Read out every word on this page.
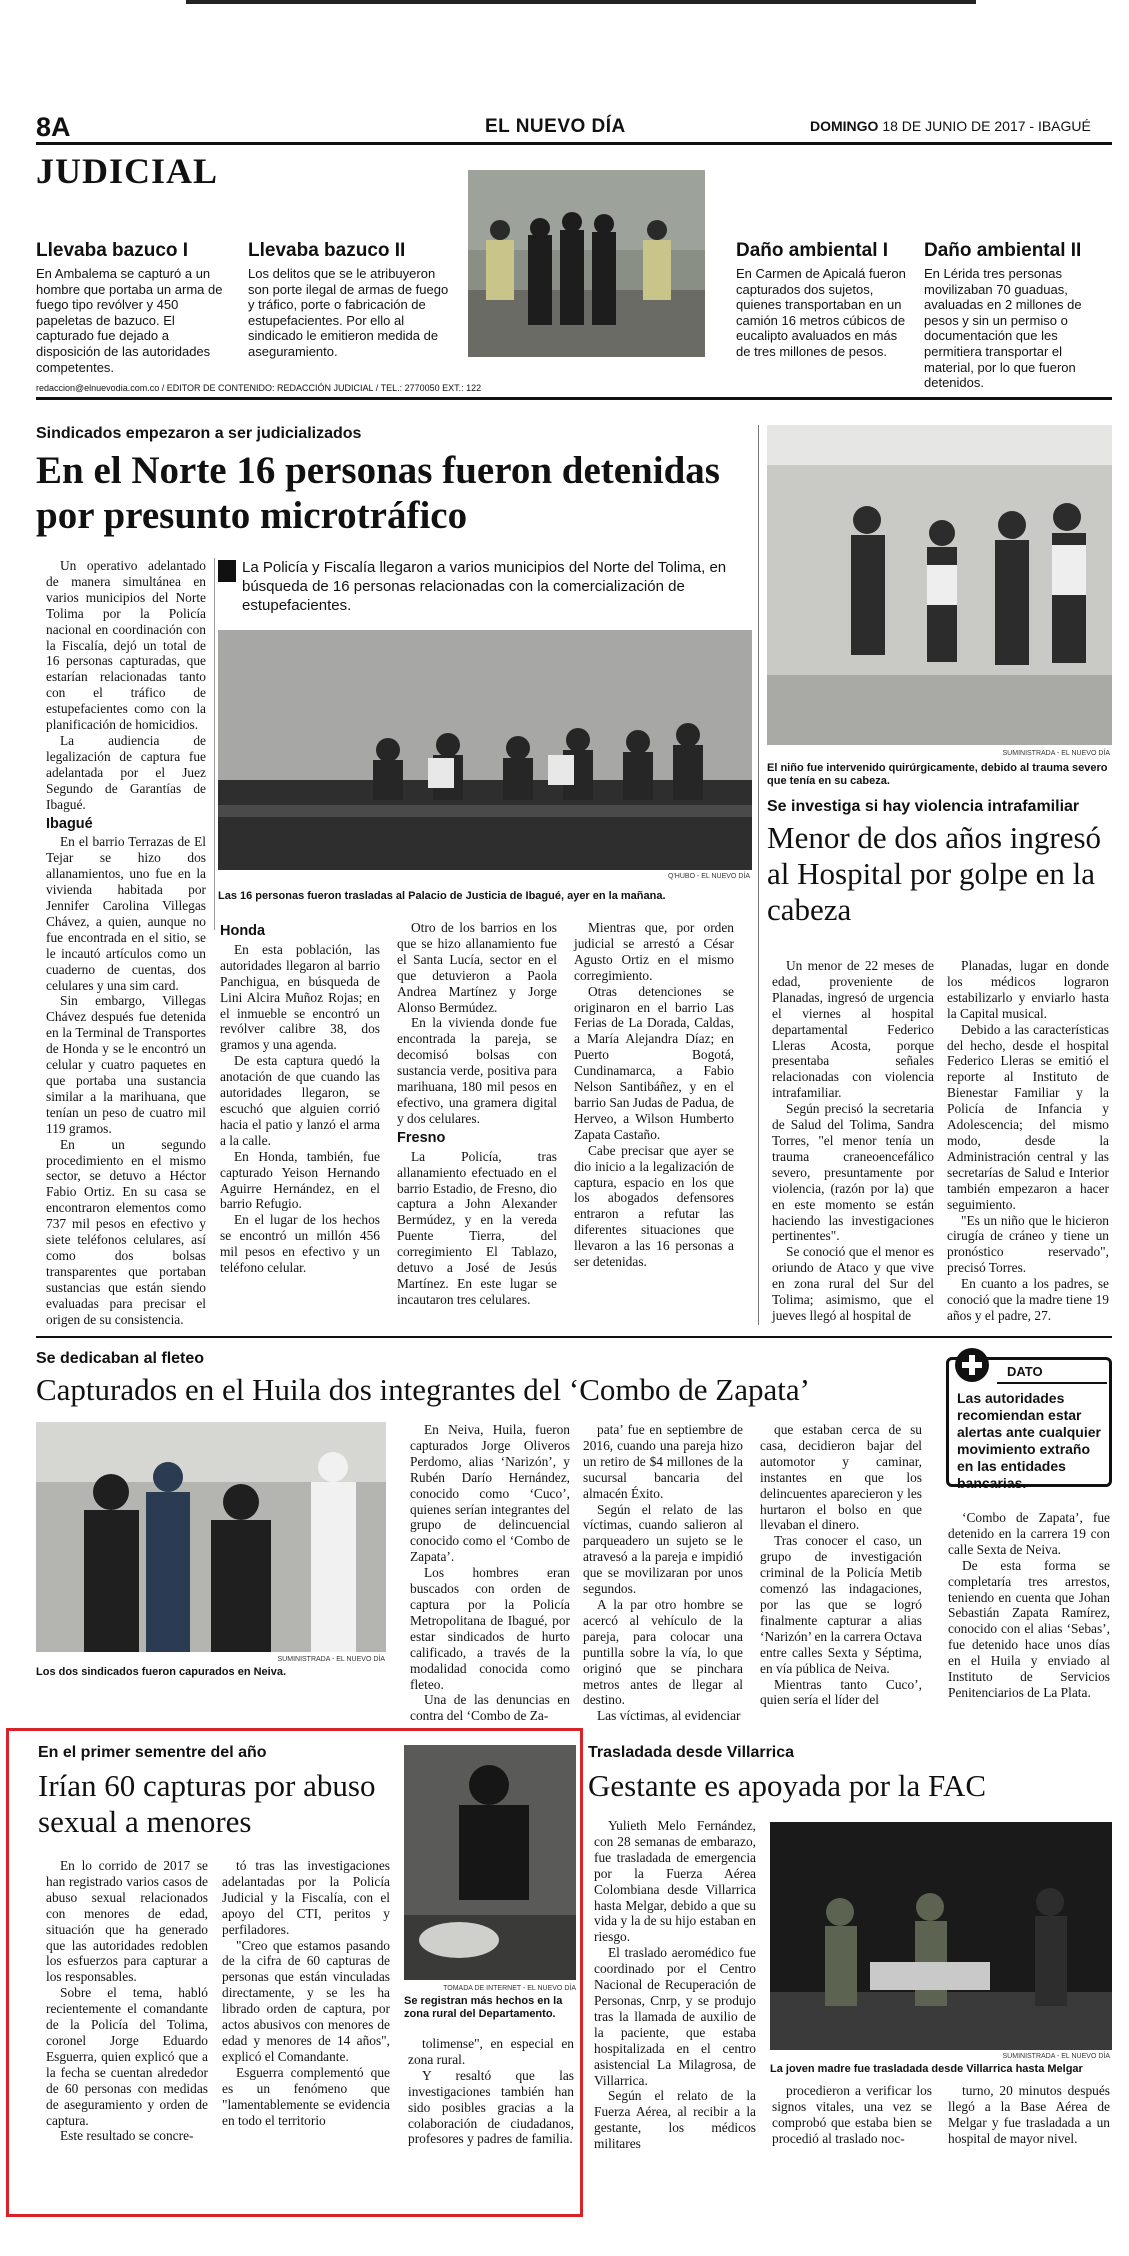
8A	EL NUEVO DÍA	DOMINGO 18 DE JUNIO DE 2017 - IBAGUÉ
JUDICIAL
Llevaba bazuco I
En Ambalema se capturó a un hombre que portaba un arma de fuego tipo revólver y 450 papeletas de bazuco. El capturado fue dejado a disposición de las autoridades competentes.
Llevaba bazuco II
Los delitos que se le atribuyeron son porte ilegal de armas de fuego y tráfico, porte o fabricación de estupefacientes. Por ello al sindicado le emitieron medida de aseguramiento.
Daño ambiental I
En Carmen de Apicalá fueron capturados dos sujetos, quienes transportaban en un camión 16 metros cúbicos de eucalipto avaluados en más de tres millones de pesos.
Daño ambiental II
En Lérida tres personas movilizaban 70 guaduas, avaluadas en 2 millones de pesos y sin un permiso o documentación que les permitiera transportar el material, por lo que fueron detenidos.
redaccion@elnuevodia.com.co / EDITOR DE CONTENIDO: REDACCIÓN JUDICIAL / TEL.: 2770050 EXT.: 122
Sindicados empezaron a ser judicializados
En el Norte 16 personas fueron detenidas por presunto microtráfico

Un operativo adelantado de manera simultánea en varios municipios del Norte Tolima por la Policía nacional en coordinación con la Fiscalía, dejó un total de 16 personas capturadas, que estarían relacionadas tanto con el tráfico de estupefacientes como con la planificación de homicidios.

La audiencia de legalización de captura fue adelantada por el Juez Segundo de Garantías de Ibagué.

Ibagué

En el barrio Terrazas de El Tejar se hizo dos allanamientos, uno fue en la vivienda habitada por Jennifer Carolina Villegas Chávez, a quien, aunque no fue encontrada en el sitio, se le incautó artículos como un cuaderno de cuentas, dos celulares y una sim card.

Sin embargo, Villegas Chávez después fue detenida en la Terminal de Transportes de Honda y se le encontró un celular y cuatro paquetes en que portaba una sustancia similar a la marihuana, que tenían un peso de cuatro mil 119 gramos.

En un segundo procedimiento en el mismo sector, se detuvo a Héctor Fabio Ortiz. En su casa se encontraron elementos como 737 mil pesos en efectivo y siete teléfonos celulares, así como dos bolsas transparentes que portaban sustancias que están siendo evaluadas para precisar el origen de su consistencia.

La Policía y Fiscalía llegaron a varios municipios del Norte del Tolima, en búsqueda de 16 personas relacionadas con la comercialización de estupefacientes.
Q'HUBO - EL NUEVO DÍA
Las 16 personas fueron trasladas al Palacio de Justicia de Ibagué, ayer en la mañana.
Honda

En esta población, las autoridades llegaron al barrio Panchigua, en búsqueda de Lini Alcira Muñoz Rojas; en el inmueble se encontró un revólver calibre 38, dos gramos y una agenda.

De esta captura quedó la anotación de que cuando las autoridades llegaron, se escuchó que alguien corrió hacia el patio y lanzó el arma a la calle.

En Honda, también, fue capturado Yeison Hernando Aguirre Hernández, en el barrio Refugio.

En el lugar de los hechos se encontró un millón 456 mil pesos en efectivo y un teléfono celular.

Otro de los barrios en los que se hizo allanamiento fue el Santa Lucía, sector en el que detuvieron a Paola Andrea Martínez y Jorge Alonso Bermúdez.

En la vivienda donde fue encontrada la pareja, se decomisó bolsas con sustancia verde, positiva para marihuana, 180 mil pesos en efectivo, una gramera digital y dos celulares.

Fresno

La Policía, tras allanamiento efectuado en el barrio Estadio, de Fresno, dio captura a John Alexander Bermúdez, y en la vereda Puente Tierra, del corregimiento El Tablazo, detuvo a José de Jesús Martínez. En este lugar se incautaron tres celulares.

Mientras que, por orden judicial se arrestó a César Agusto Ortiz en el mismo corregimiento.

Otras detenciones se originaron en el barrio Las Ferias de La Dorada, Caldas, a María Alejandra Díaz; en Puerto Bogotá, Cundinamarca, a Fabio Nelson Santibáñez, y en el barrio San Judas de Padua, de Herveo, a Wilson Humberto Zapata Castaño.

Cabe precisar que ayer se dio inicio a la legalización de captura, espacio en los que los abogados defensores entraron a refutar las diferentes situaciones que llevaron a las 16 personas a ser detenidas.

SUMINISTRADA - EL NUEVO DÍA
El niño fue intervenido quirúrgicamente, debido al trauma severo que tenía en su cabeza.
Se investiga si hay violencia intrafamiliar
Menor de dos años ingresó al Hospital por golpe en la cabeza

Un menor de 22 meses de edad, proveniente de Planadas, ingresó de urgencia el viernes al hospital departamental Federico Lleras Acosta, porque presentaba señales relacionadas con violencia intrafamiliar.

Según precisó la secretaria de Salud del Tolima, Sandra Torres, "el menor tenía un trauma craneoencefálico severo, presuntamente por violencia, (razón por la) que en este momento se están haciendo las investigaciones pertinentes".

Se conoció que el menor es oriundo de Ataco y que vive en zona rural del Sur del Tolima; asimismo, que el jueves llegó al hospital de

Planadas, lugar en donde los médicos lograron estabilizarlo y enviarlo hasta la Capital musical.

Debido a las características del hecho, desde el hospital Federico Lleras se emitió el reporte al Instituto de Bienestar Familiar y la Policía de Infancia y Adolescencia; del mismo modo, desde la Administración central y las secretarías de Salud e Interior también empezaron a hacer seguimiento.

"Es un niño que le hicieron cirugía de cráneo y tiene un pronóstico reservado", precisó Torres.

En cuanto a los padres, se conoció que la madre tiene 19 años y el padre, 27.

Se dedicaban al fleteo
Capturados en el Huila dos integrantes del ‘Combo de Zapata’
SUMINISTRADA - EL NUEVO DÍA
Los dos sindicados fueron capurados en Neiva.

En Neiva, Huila, fueron capturados Jorge Oliveros Perdomo, alias ‘Narizón’, y Rubén Darío Hernández, conocido como ‘Cuco’, quienes serían integrantes del grupo de delincuencial conocido como el ‘Combo de Zapata’.

Los hombres eran buscados con orden de captura por la Policía Metropolitana de Ibagué, por estar sindicados de hurto calificado, a través de la modalidad conocida como fleteo.

Una de las denuncias en contra del ‘Combo de Za-

pata’ fue en septiembre de 2016, cuando una pareja hizo un retiro de $4 millones de la sucursal bancaria del almacén Éxito.

Según el relato de las víctimas, cuando salieron al parqueadero un sujeto se le atravesó a la pareja e impidió que se movilizaran por unos segundos.

A la par otro hombre se acercó al vehículo de la pareja, para colocar una puntilla sobre la vía, lo que originó que se pinchara metros antes de llegar al destino.

Las víctimas, al evidenciar

que estaban cerca de su casa, decidieron bajar del automotor y caminar, instantes en que los delincuentes aparecieron y les hurtaron el bolso en que llevaban el dinero.

Tras conocer el caso, un grupo de investigación criminal de la Policía Metib comenzó las indagaciones, por las que se logró finalmente capturar a alias ‘Narizón’ en la carrera Octava entre calles Sexta y Séptima, en vía pública de Neiva.

Mientras tanto Cuco’, quien sería el líder del

DATO
Las autoridades recomiendan estar alertas ante cualquier movimiento extraño en las entidades bancarias.

‘Combo de Zapata’, fue detenido en la carrera 19 con calle Sexta de Neiva.

De esta forma se completaría tres arrestos, teniendo en cuenta que Johan Sebastián Zapata Ramírez, conocido con el alias ‘Sebas’, fue detenido hace unos días en el Huila y enviado al Instituto de Servicios Penitenciarios de La Plata.

En el primer sementre del año
Irían 60 capturas por abuso sexual a menores
TOMADA DE INTERNET - EL NUEVO DÍA
Se registran más hechos en la zona rural del Departamento.

En lo corrido de 2017 se han registrado varios casos de abuso sexual relacionados con menores de edad, situación que ha generado que las autoridades redoblen los esfuerzos para capturar a los responsables.

Sobre el tema, habló recientemente el comandante de la Policía del Tolima, coronel Jorge Eduardo Esguerra, quien explicó que a la fecha se cuentan alrededor de 60 personas con medidas de aseguramiento y orden de captura.

Este resultado se concre-

tó tras las investigaciones adelantadas por la Policía Judicial y la Fiscalía, con el apoyo del CTI, peritos y perfiladores.

"Creo que estamos pasando de la cifra de 60 capturas de personas que están vinculadas directamente, y se les ha librado orden de captura, por actos abusivos con menores de edad y menores de 14 años", explicó el Comandante.

Esguerra complementó que es un fenómeno que "lamentablemente se evidencia en todo el territorio

tolimense", en especial en zona rural.

Y resaltó que las investigaciones también han sido posibles gracias a la colaboración de ciudadanos, profesores y padres de familia.

Trasladada desde Villarrica
Gestante es apoyada por la FAC

Yulieth Melo Fernández, con 28 semanas de embarazo, fue trasladada de emergencia por la Fuerza Aérea Colombiana desde Villarrica hasta Melgar, debido a que su vida y la de su hijo estaban en riesgo.

El traslado aeromédico fue coordinado por el Centro Nacional de Recuperación de Personas, Cnrp, y se produjo tras la llamada de auxilio de la paciente, que estaba hospitalizada en el centro asistencial La Milagrosa, de Villarrica.

Según el relato de la Fuerza Aérea, al recibir a la gestante, los médicos militares

SUMINISTRADA - EL NUEVO DÍA
La joven madre fue trasladada desde Villarrica hasta Melgar

procedieron a verificar los signos vitales, una vez se comprobó que estaba bien se procedió al traslado noc-

turno, 20 minutos después llegó a la Base Aérea de Melgar y fue trasladada a un hospital de mayor nivel.
